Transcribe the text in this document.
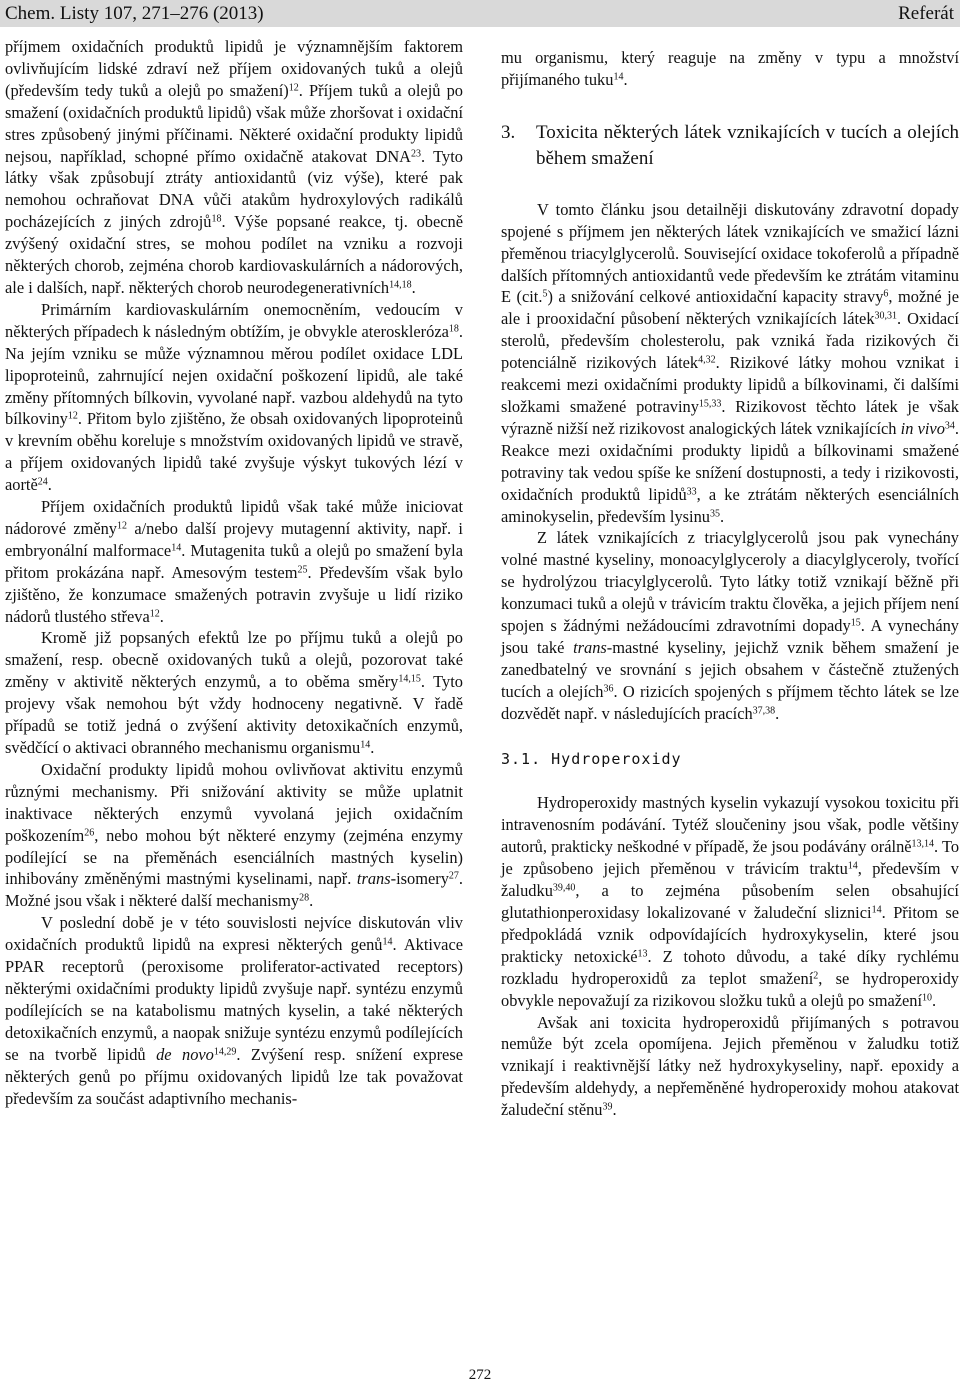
Chem. Listy 107, 271–276 (2013)	Referát

příjmem oxidačních produktů lipidů je významnějším faktorem ovlivňujícím lidské zdraví než příjem oxidovaných tuků a olejů (především tedy tuků a olejů po smažení)$^{12}$. Příjem tuků a olejů po smažení (oxidačních produktů lipidů) však může zhoršovat i oxidační stres způsobený jinými příčinami. Některé oxidační produkty lipidů nejsou, například, schopné přímo oxidačně atakovat DNA$^{23}$. Tyto látky však způsobují ztráty antioxidantů (viz výše), které pak nemohou ochraňovat DNA vůči atakům hydroxylových radikálů pocházejících z jiných zdrojů$^{18}$. Výše popsané reakce, tj. obecně zvýšený oxidační stres, se mohou podílet na vzniku a rozvoji některých chorob, zejména chorob kardiovaskulárních a nádorových, ale i dalších, např. některých chorob neurodegenerativních$^{14,18}$.

Primárním kardiovaskulárním onemocněním, vedoucím v některých případech k následným obtížím, je obvykle ateroskleróza$^{18}$. Na jejím vzniku se může významnou měrou podílet oxidace LDL lipoproteinů, zahrnující nejen oxidační poškození lipidů, ale také změny přítomných bílkovin, vyvolané např. vazbou aldehydů na tyto bílkoviny$^{12}$. Přitom bylo zjištěno, že obsah oxidovaných lipoproteinů v krevním oběhu koreluje s množstvím oxidovaných lipidů ve stravě, a příjem oxidovaných lipidů také zvyšuje výskyt tukových lézí v aortě$^{24}$.

Příjem oxidačních produktů lipidů však také může iniciovat nádorové změny$^{12}$ a/nebo další projevy mutagenní aktivity, např. i embryonální malformace$^{14}$. Mutagenita tuků a olejů po smažení byla přitom prokázána např. Amesovým testem$^{25}$. Především však bylo zjištěno, že konzumace smažených potravin zvyšuje u lidí riziko nádorů tlustého střeva$^{12}$.

Kromě již popsaných efektů lze po příjmu tuků a olejů po smažení, resp. obecně oxidovaných tuků a olejů, pozorovat také změny v aktivitě některých enzymů, a to oběma směry$^{14,15}$. Tyto projevy však nemohou být vždy hodnoceny negativně. V řadě případů se totiž jedná o zvýšení aktivity detoxikačních enzymů, svědčící o aktivaci obranného mechanismu organismu$^{14}$.

Oxidační produkty lipidů mohou ovlivňovat aktivitu enzymů různými mechanismy. Při snižování aktivity se může uplatnit inaktivace některých enzymů vyvolaná jejich oxidačním poškozením$^{26}$, nebo mohou být některé enzymy (zejména enzymy podílející se na přeměnách esenciálních mastných kyselin) inhibovány změněnými mastnými kyselinami, např. trans-isomery$^{27}$. Možné jsou však i některé další mechanismy$^{28}$.

V poslední době je v této souvislosti nejvíce diskutován vliv oxidačních produktů lipidů na expresi některých genů$^{14}$. Aktivace PPAR receptorů (peroxisome proliferator-activated receptors) některými oxidačními produkty lipidů zvyšuje např. syntézu enzymů podílejících se na katabolismu matných kyselin, a také některých detoxikačních enzymů, a naopak snižuje syntézu enzymů podílejících se na tvorbě lipidů de novo$^{14,29}$. Zvýšení resp. snížení exprese některých genů po příjmu oxidovaných lipidů lze tak považovat především za součást adaptivního mechanis-

mu organismu, který reaguje na změny v typu a množství přijímaného tuku$^{14}$.

3.	Toxicita některých látek vznikajících v tucích a olejích během smažení

V tomto článku jsou detailněji diskutovány zdravotní dopady spojené s příjmem jen některých látek vznikajících ve smažicí lázni přeměnou triacylglycerolů. Související oxidace tokoferolů a případně dalších přítomných antioxidantů vede především ke ztrátám vitaminu E (cit.$^5$) a snižování celkové antioxidační kapacity stravy$^6$, možné je ale i prooxidační působení některých vznikajících látek$^{30,31}$. Oxidací sterolů, především cholesterolu, pak vzniká řada rizikových či potenciálně rizikových látek$^{4,32}$. Rizikové látky mohou vznikat i reakcemi mezi oxidačními produkty lipidů a bílkovinami, či dalšími složkami smažené potraviny$^{15,33}$. Rizikovost těchto látek je však výrazně nižší než rizikovost analogických látek vznikajících in vivo$^{34}$. Reakce mezi oxidačními produkty lipidů a bílkovinami smažené potraviny tak vedou spíše ke snížení dostupnosti, a tedy i rizikovosti, oxidačních produktů lipidů$^{33}$, a ke ztrátám některých esenciálních aminokyselin, především lysinu$^{35}$.

Z látek vznikajících z triacylglycerolů jsou pak vynechány volné mastné kyseliny, monoacylglyceroly a diacylglyceroly, tvořící se hydrolýzou triacylglycerolů. Tyto látky totiž vznikají běžně při konzumaci tuků a olejů v trávicím traktu člověka, a jejich příjem není spojen s žádnými nežádoucími zdravotními dopady$^{15}$. A vynechány jsou také trans-mastné kyseliny, jejichž vznik během smažení je zanedbatelný ve srovnání s jejich obsahem v částečně ztužených tucích a olejích$^{36}$. O rizicích spojených s příjmem těchto látek se lze dozvědět např. v následujících pracích$^{37,38}$.

3.1. Hydroperoxidy

Hydroperoxidy mastných kyselin vykazují vysokou toxicitu při intravenosním podávání. Tytéž sloučeniny jsou však, podle většiny autorů, prakticky neškodné v případě, že jsou podávány orálně$^{13,14}$. To je způsobeno jejich přeměnou v trávicím traktu$^{14}$, především v žaludku$^{39,40}$, a to zejména působením selen obsahující glutathionperoxidasy lokalizované v žaludeční sliznici$^{14}$. Přitom se předpokládá vznik odpovídajících hydroxykyselin, které jsou prakticky netoxické$^{13}$. Z tohoto důvodu, a také díky rychlému rozkladu hydroperoxidů za teplot smažení$^2$, se hydroperoxidy obvykle nepovažují za rizikovou složku tuků a olejů po smažení$^{10}$.

Avšak ani toxicita hydroperoxidů přijímaných s potravou nemůže být zcela opomíjena. Jejich přeměnou v žaludku totiž vznikají i reaktivnější látky než hydroxykyseliny, např. epoxidy a především aldehydy, a nepřeměněné hydroperoxidy mohou atakovat žaludeční stěnu$^{39}$.

272
